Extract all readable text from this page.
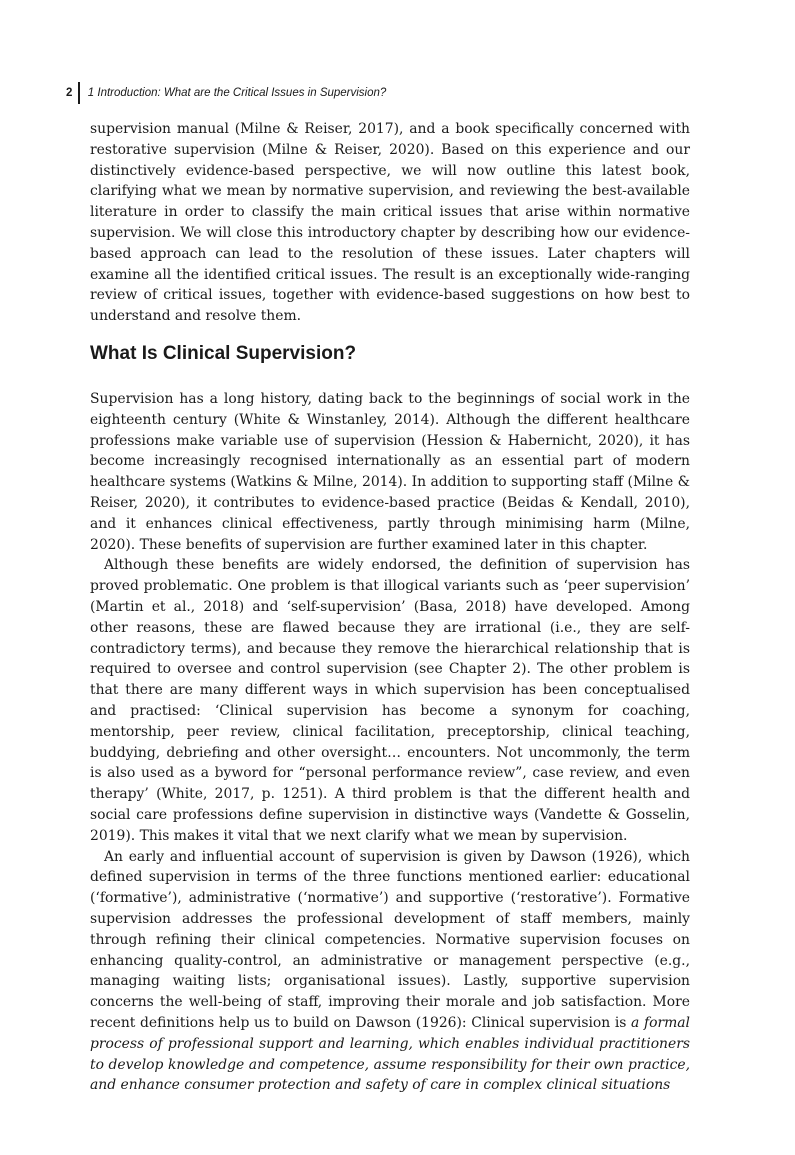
2 1 Introduction: What are the Critical Issues in Supervision?

supervision manual (Milne & Reiser, 2017), and a book specifically concerned with restorative supervision (Milne & Reiser, 2020). Based on this experience and our distinctively evidence-based perspective, we will now outline this latest book, clarifying what we mean by normative supervision, and reviewing the best-available literature in order to classify the main critical issues that arise within normative supervision. We will close this introductory chapter by describing how our evidence-based approach can lead to the resolution of these issues. Later chapters will examine all the identified critical issues. The result is an exceptionally wide-ranging review of critical issues, together with evidence-based suggestions on how best to understand and resolve them.

What Is Clinical Supervision?

Supervision has a long history, dating back to the beginnings of social work in the eighteenth century (White & Winstanley, 2014). Although the different healthcare professions make variable use of supervision (Hession & Habernicht, 2020), it has become increasingly recognised internationally as an essential part of modern healthcare systems (Watkins & Milne, 2014). In addition to supporting staff (Milne & Reiser, 2020), it contributes to evidence-based practice (Beidas & Kendall, 2010), and it enhances clinical effectiveness, partly through minimising harm (Milne, 2020). These benefits of supervision are further examined later in this chapter.

Although these benefits are widely endorsed, the definition of supervision has proved problematic. One problem is that illogical variants such as ‘peer supervision’ (Martin et al., 2018) and ‘self-supervision’ (Basa, 2018) have developed. Among other reasons, these are flawed because they are irrational (i.e., they are self-contradictory terms), and because they remove the hierarchical relationship that is required to oversee and control supervision (see Chapter 2). The other problem is that there are many different ways in which supervision has been conceptualised and practised: ‘Clinical supervision has become a synonym for coaching, mentorship, peer review, clinical facilitation, preceptorship, clinical teaching, buddying, debriefing and other oversight… encounters. Not uncommonly, the term is also used as a byword for “personal performance review”, case review, and even therapy’ (White, 2017, p. 1251). A third problem is that the different health and social care professions define supervision in distinctive ways (Vandette & Gosselin, 2019). This makes it vital that we next clarify what we mean by supervision.

An early and influential account of supervision is given by Dawson (1926), which defined supervision in terms of the three functions mentioned earlier: educational (‘formative’), administrative (‘normative’) and supportive (‘restorative’). Formative supervision addresses the professional development of staff members, mainly through refining their clinical competencies. Normative supervision focuses on enhancing quality-control, an administrative or management perspective (e.g., managing waiting lists; organisational issues). Lastly, supportive supervision concerns the well-being of staff, improving their morale and job satisfaction. More recent definitions help us to build on Dawson (1926): Clinical supervision is a formal process of professional support and learning, which enables individual practitioners to develop knowledge and competence, assume responsibility for their own practice, and enhance consumer protection and safety of care in complex clinical situations
